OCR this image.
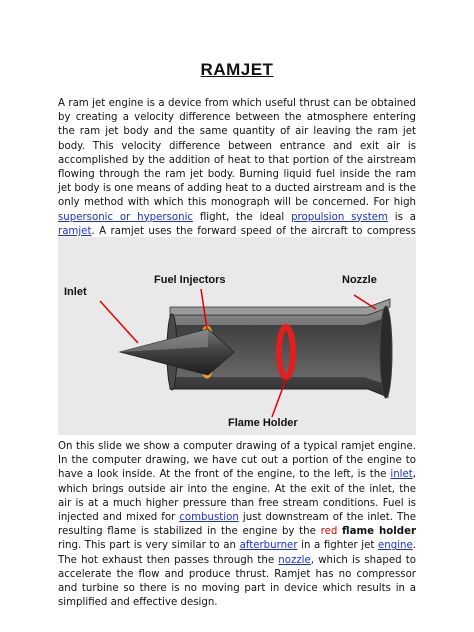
RAMJET

A ram jet engine is a device from which useful thrust can be obtained by creating a velocity difference between the atmosphere entering the ram jet body and the same quantity of air leaving the ram jet body. This velocity difference between entrance and exit air is accomplished by the addition of heat to that portion of the airstream flowing through the ram jet body. Burning liquid fuel inside the ram jet body is one means of adding heat to a ducted airstream and is the only method with which this monograph will be concerned. For high supersonic or hypersonic flight, the ideal propulsion system is a ramjet. A ramjet uses the forward speed of the aircraft to compress

Inlet
Fuel Injectors	Nozzle
Flame Holder

On this slide we show a computer drawing of a typical ramjet engine. In the computer drawing, we have cut out a portion of the engine to have a look inside. At the front of the engine, to the left, is the inlet, which brings outside air into the engine. At the exit of the inlet, the air is at a much higher pressure than free stream conditions. Fuel is injected and mixed for combustion just downstream of the inlet. The resulting flame is stabilized in the engine by the red flame holder ring. This part is very similar to an afterburner in a fighter jet engine. The hot exhaust then passes through the nozzle, which is shaped to accelerate the flow and produce thrust. Ramjet has no compressor and turbine so there is no moving part in device which results in a simplified and effective design.
